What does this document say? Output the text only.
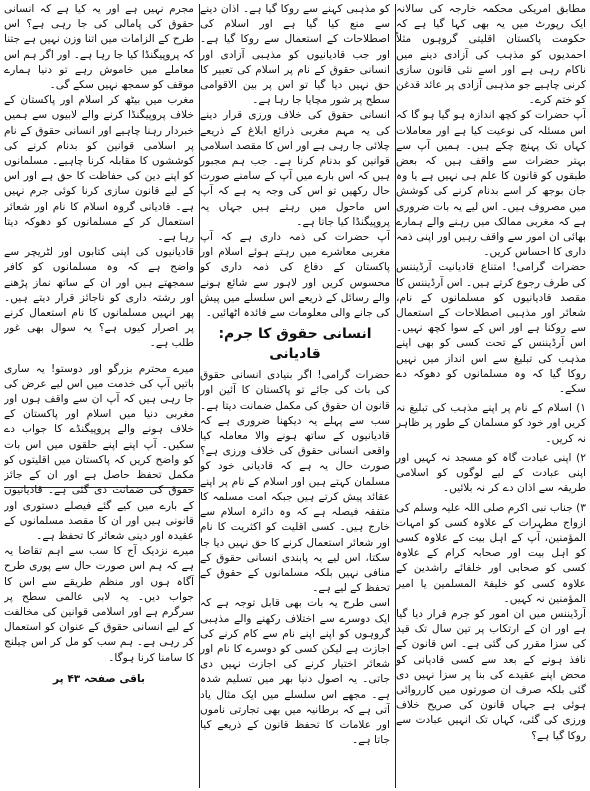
مطابق امریکی محکمہ خارجہ کی سالانہ ایک رپورٹ میں یہ بھی کہا گیا ہے کہ حکومت پاکستان اقلیتی گروہوں مثلاً احمدیوں کو مذہب کی آزادی دینے میں ناکام رہی ہے اور اسے نئی قانون سازی کرنی چاہیے جو مذہبی آزادی پر عائد قدغن کو ختم کرے۔

آپ حضرات کو کچھ اندازہ ہو گیا ہو گا کہ اس مسئلہ کی نوعیت کیا ہے اور معاملات کہاں تک پہنچ چکے ہیں۔ ہمیں آپ سے بہتر حضرات سے واقف ہیں کہ بعض طبقوں کو قانون کا علم ہی نہیں ہے یا وہ جان بوجھ کر اسے بدنام کرنے کی کوشش میں مصروف ہیں۔ اس لیے یہ بات ضروری ہے کہ مغربی ممالک میں رہنے والے ہمارے بھائی ان امور سے واقف رہیں اور اپنی ذمہ داری کا احساس کریں۔

حضرات گرامی! امتناع قادیانیت آرڈیننس کی طرف رجوع کرتے ہیں۔ اس آرڈیننس کا مقصد قادیانیوں کو مسلمانوں کے نام، شعائر اور مذہبی اصطلاحات کے استعمال سے روکنا ہے اور اس کے سوا کچھ نہیں۔ اس آرڈیننس کے تحت کسی کو بھی اپنے مذہب کی تبلیغ سے اس انداز میں نہیں روکا گیا کہ وہ مسلمانوں کو دھوکہ دے سکے۔

۱) اسلام کے نام پر اپنے مذہب کی تبلیغ نہ کریں اور خود کو مسلمان کے طور پر ظاہر نہ کریں۔

۲) اپنی عبادت گاہ کو مسجد نہ کہیں اور اپنی عبادت کے لیے لوگوں کو اسلامی طریقہ سے اذان دے کر نہ بلائیں۔

۳) جناب نبی اکرم صلی اللہ علیہ وسلم کی ازواج مطہرات کے علاوہ کسی کو امہات المؤمنین، آپ کے اہل بیت کے علاوہ کسی کو اہل بیت اور صحابہ کرام کے علاوہ کسی کو صحابی اور خلفائے راشدین کے علاوہ کسی کو خلیفۃ المسلمین یا امیر المؤمنین نہ کہیں۔

آرڈیننس میں ان امور کو جرم قرار دیا گیا ہے اور ان کے ارتکاب پر تین سال تک قید کی سزا مقرر کی گئی ہے۔ اس قانون کے نافذ ہونے کے بعد سے کسی قادیانی کو محض اپنے عقیدے کی بنا پر سزا نہیں دی گئی بلکہ صرف ان صورتوں میں کارروائی ہوئی ہے جہاں قانون کی صریح خلاف ورزی کی گئی، کہاں تک انہیں عبادت سے روکا گیا ہے؟

کو مذہبی کہنے سے روکا گیا ہے۔ اذان دینے سے منع کیا گیا ہے اور اسلام کی اصطلاحات کے استعمال سے روکا گیا ہے۔ اور جب قادیانیوں کو مذہبی آزادی اور انسانی حقوق کے نام پر اسلام کی تعبیر کا حق نہیں دیا گیا تو اس پر بین الاقوامی سطح پر شور مچایا جا رہا ہے۔

انسانی حقوق کی خلاف ورزی قرار دینے کی یہ مہم مغربی ذرائع ابلاغ کے ذریعے چلائی جا رہی ہے اور اس کا مقصد اسلامی قوانین کو بدنام کرنا ہے۔ جب ہم مجبور ہیں کہ اس بارے میں آپ کے سامنے صورت حال رکھیں تو اس کی وجہ یہ ہے کہ آپ اس ماحول میں رہتے ہیں جہاں یہ پروپیگنڈا کیا جاتا ہے۔

آپ حضرات کی ذمہ داری ہے کہ آپ مغربی معاشرے میں رہتے ہوئے اسلام اور پاکستان کے دفاع کی ذمہ داری کو محسوس کریں اور لاہور سے شائع ہونے والے رسائل کے ذریعے اس سلسلے میں پیش کی جانے والی معلومات سے فائدہ اٹھائیں۔

انسانی حقوق کا جرم: قادیانی

حضرات گرامی! اگر بنیادی انسانی حقوق کی بات کی جائے تو پاکستان کا آئین اور قانون ان حقوق کی مکمل ضمانت دیتا ہے۔ سب سے پہلے یہ دیکھنا ضروری ہے کہ قادیانیوں کے ساتھ ہونے والا معاملہ کیا واقعی انسانی حقوق کی خلاف ورزی ہے؟ صورت حال یہ ہے کہ قادیانی خود کو مسلمان کہتے ہیں اور اسلام کے نام پر اپنے عقائد پیش کرتے ہیں جبکہ امت مسلمہ کا متفقہ فیصلہ ہے کہ وہ دائرہ اسلام سے خارج ہیں۔ کسی اقلیت کو اکثریت کا نام اور شعائر استعمال کرنے کا حق نہیں دیا جا سکتا، اس لیے یہ پابندی انسانی حقوق کے منافی نہیں بلکہ مسلمانوں کے حقوق کے تحفظ کے لیے ہے۔

اسی طرح یہ بات بھی قابل توجہ ہے کہ ایک دوسرے سے اختلاف رکھنے والے مذہبی گروہوں کو اپنے اپنے نام سے کام کرنے کی اجازت ہے لیکن کسی کو دوسرے کا نام اور شعائر اختیار کرنے کی اجازت نہیں دی جاتی۔ یہ اصول دنیا بھر میں تسلیم شدہ ہے۔ مجھے اس سلسلے میں ایک مثال یاد آتی ہے کہ برطانیہ میں بھی تجارتی ناموں اور علامات کا تحفظ قانون کے ذریعے کیا جاتا ہے۔

مجرم نہیں ہے اور یہ کیا ہے کہ انسانی حقوق کی پامالی کی جا رہی ہے؟ اس طرح کے الزامات میں اتنا وزن نہیں ہے جتنا کہ پروپیگنڈا کیا جا رہا ہے۔ اور اگر ہم اس معاملے میں خاموش رہے تو دنیا ہمارے موقف کو سمجھ نہیں سکے گی۔

مغرب میں بیٹھ کر اسلام اور پاکستان کے خلاف پروپیگنڈا کرنے والے لابیوں سے ہمیں خبردار رہنا چاہیے اور انسانی حقوق کے نام پر اسلامی قوانین کو بدنام کرنے کی کوششوں کا مقابلہ کرنا چاہیے۔ مسلمانوں کو اپنے دین کی حفاظت کا حق ہے اور اس کے لیے قانون سازی کرنا کوئی جرم نہیں ہے۔ قادیانی گروہ اسلام کا نام اور شعائر استعمال کر کے مسلمانوں کو دھوکہ دیتا رہا ہے۔

قادیانیوں کی اپنی کتابوں اور لٹریچر سے واضح ہے کہ وہ مسلمانوں کو کافر سمجھتے ہیں اور ان کے ساتھ نماز پڑھنے اور رشتہ داری کو ناجائز قرار دیتے ہیں۔ پھر انہیں مسلمانوں کا نام استعمال کرنے پر اصرار کیوں ہے؟ یہ سوال بھی غور طلب ہے۔

میرے محترم بزرگو اور دوستو! یہ ساری باتیں آپ کی خدمت میں اس لیے عرض کی جا رہی ہیں کہ آپ ان سے واقف ہوں اور مغربی دنیا میں اسلام اور پاکستان کے خلاف ہونے والے پروپیگنڈے کا جواب دے سکیں۔ آپ اپنے اپنے حلقوں میں اس بات کو واضح کریں کہ پاکستان میں اقلیتوں کو مکمل تحفظ حاصل ہے اور ان کے جائز حقوق کی ضمانت دی گئی ہے۔ قادیانیوں کے بارے میں کیے گئے فیصلے دستوری اور قانونی ہیں اور ان کا مقصد مسلمانوں کے عقیدہ اور دینی شعائر کا تحفظ ہے۔

میرے نزدیک آج کا سب سے اہم تقاضا یہ ہے کہ ہم اس صورت حال سے پوری طرح آگاہ ہوں اور منظم طریقے سے اس کا جواب دیں۔ یہ لابی عالمی سطح پر سرگرم ہے اور اسلامی قوانین کی مخالفت کے لیے انسانی حقوق کے عنوان کو استعمال کر رہی ہے۔ ہم سب کو مل کر اس چیلنج کا سامنا کرنا ہوگا۔

باقی صفحہ ۴۳ پر
